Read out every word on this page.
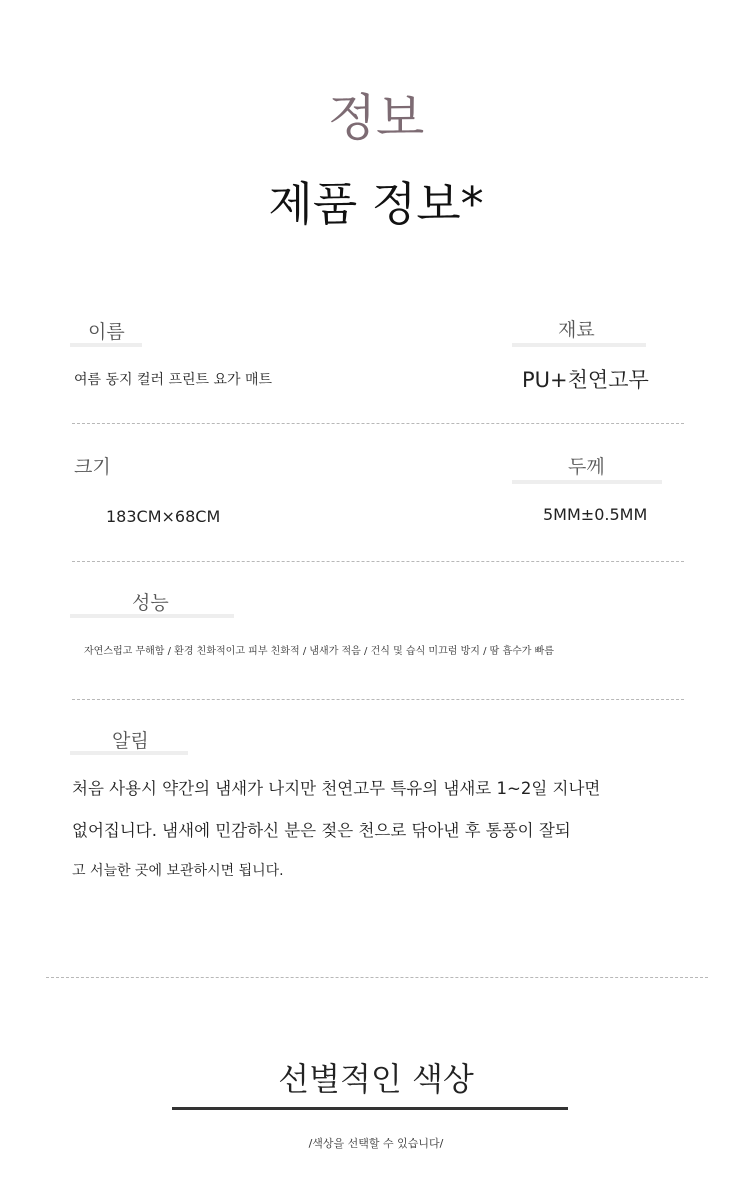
정보
제품 정보*
이름
여름 동지 컬러 프린트 요가 매트
재료
PU+천연고무
크기
183CM×68CM
두께
5MM±0.5MM
성능
자연스럽고 무해함 / 환경 친화적이고 피부 친화적 / 냄새가 적음 / 건식 및 습식 미끄럼 방지 / 땀 흡수가 빠름
알림
처음 사용시 약간의 냄새가 나지만 천연고무 특유의 냄새로 1~2일 지나면
없어집니다. 냄새에 민감하신 분은 젖은 천으로 닦아낸 후 통풍이 잘되
고 서늘한 곳에 보관하시면 됩니다.
선별적인 색상
/색상을 선택할 수 있습니다/
